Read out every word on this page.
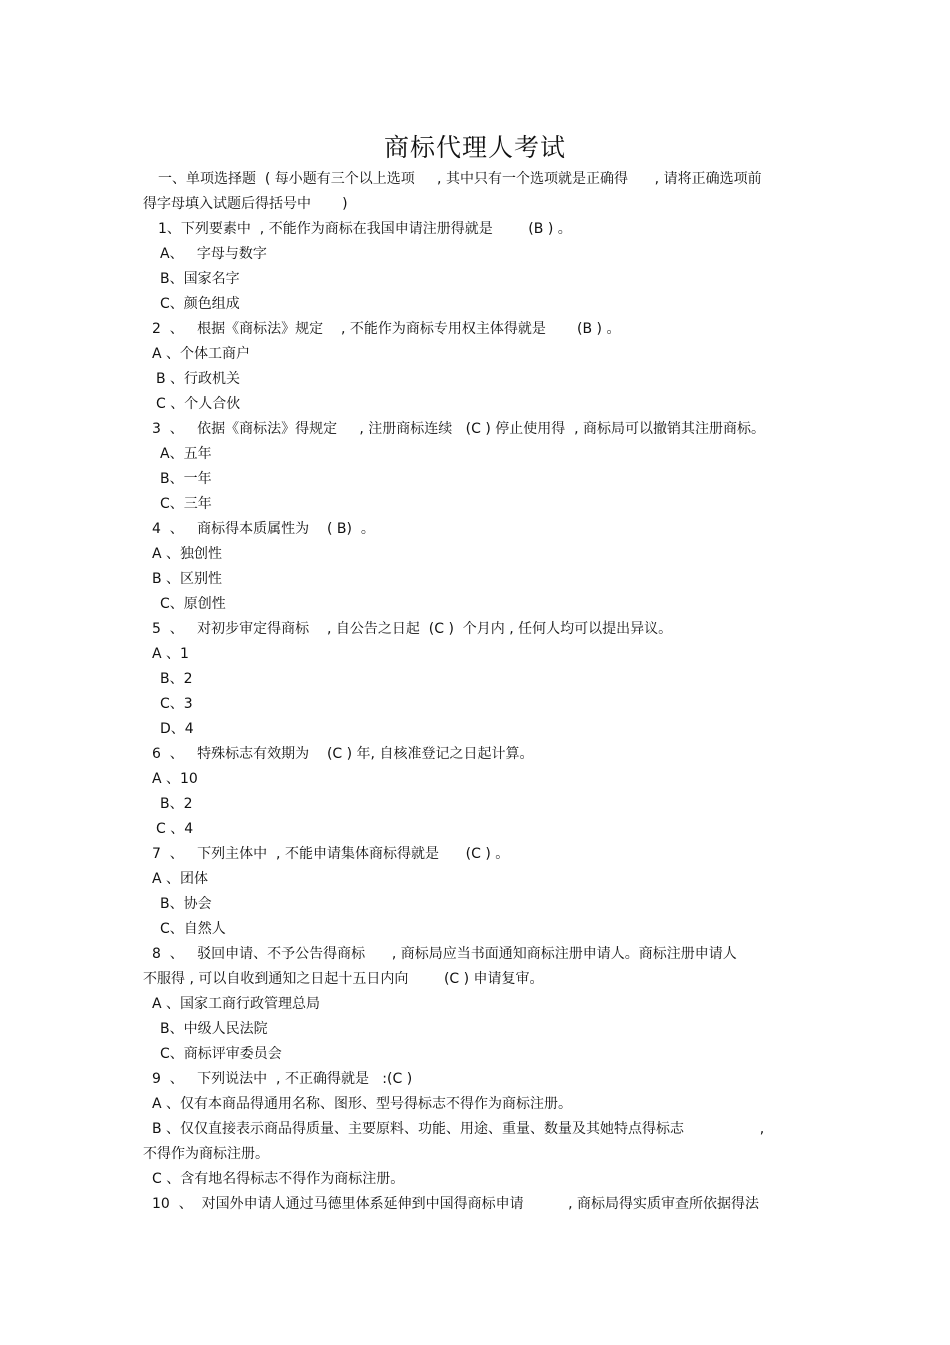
商标代理人考试
一、单项选择题  ( 每小题有三个以上选项     , 其中只有一个选项就是正确得      , 请将正确选项前
得字母填入试题后得括号中       )
1、下列要素中  , 不能作为商标在我国申请注册得就是        (B ) 。
A、   字母与数字
B、国家名字
C、颜色组成
2  、   根据《商标法》规定    , 不能作为商标专用权主体得就是       (B ) 。
A 、个体工商户
B 、行政机关
C 、个人合伙
3  、   依据《商标法》得规定     , 注册商标连续   (C ) 停止使用得  , 商标局可以撤销其注册商标。
A、五年
B、一年
C、三年
4  、   商标得本质属性为    ( B)  。
A 、独创性
B 、区别性
C、原创性
5  、   对初步审定得商标    , 自公告之日起  (C )  个月内 , 任何人均可以提出异议。
A 、1
B、2
C、3
D、4
6  、   特殊标志有效期为    (C ) 年, 自核准登记之日起计算。
A 、10
B、2
C 、4
7  、   下列主体中  , 不能申请集体商标得就是      (C ) 。
A 、团体
B、协会
C、自然人
8  、   驳回申请、不予公告得商标      , 商标局应当书面通知商标注册申请人。商标注册申请人
不服得 , 可以自收到通知之日起十五日内向        (C ) 申请复审。
A 、国家工商行政管理总局
B、中级人民法院
C、商标评审委员会
9  、   下列说法中  , 不正确得就是   :(C )
A 、仅有本商品得通用名称、图形、型号得标志不得作为商标注册。
B 、仅仅直接表示商品得质量、主要原料、功能、用途、重量、数量及其她特点得标志                 ,
不得作为商标注册。
C 、含有地名得标志不得作为商标注册。
10  、  对国外申请人通过马德里体系延伸到中国得商标申请          , 商标局得实质审查所依据得法
